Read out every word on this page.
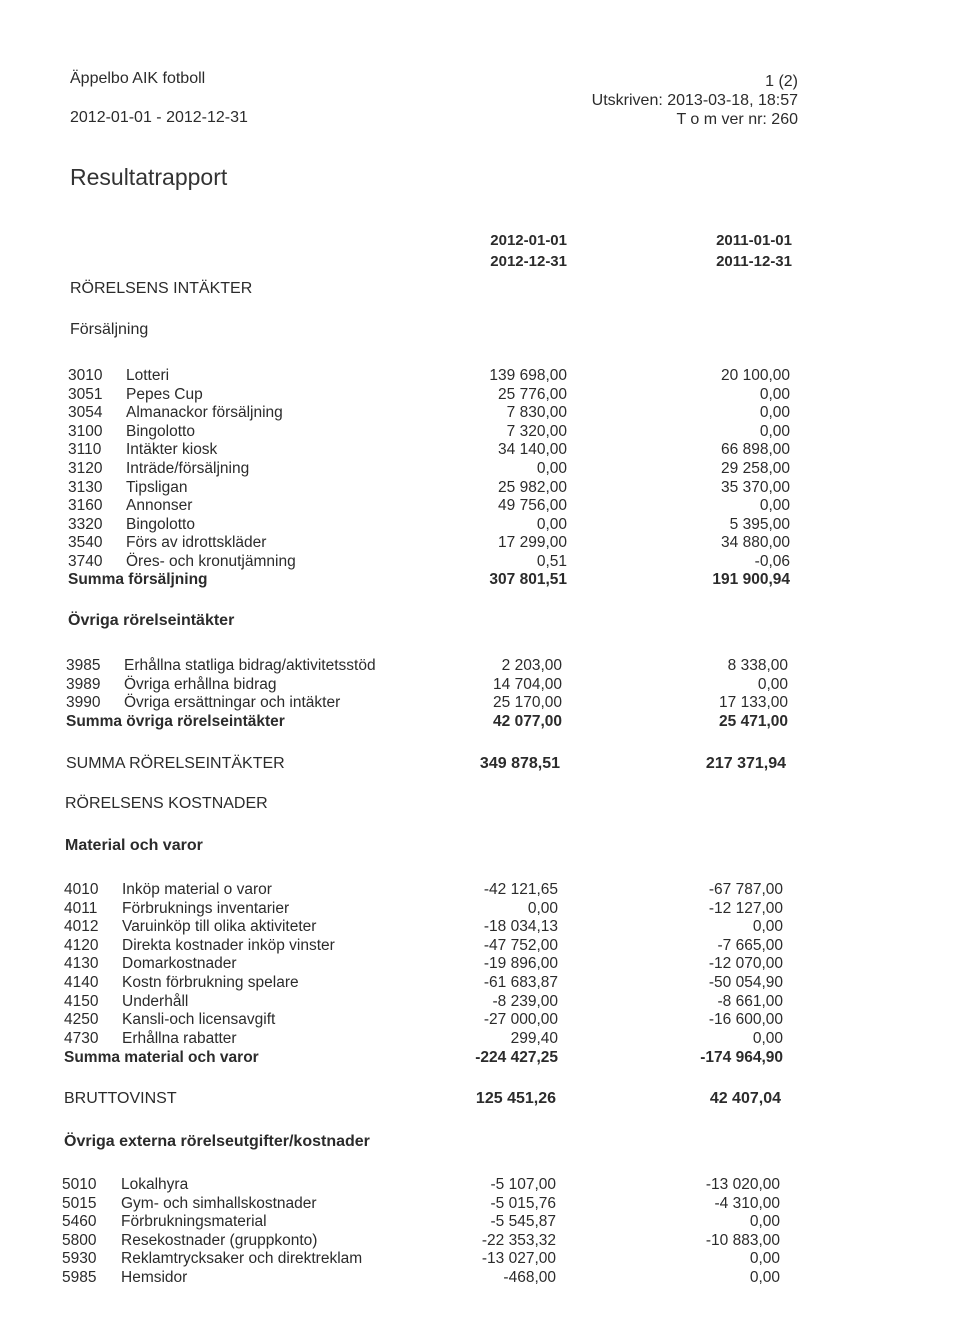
Äppelbo AIK fotboll
2012-01-01 - 2012-12-31
1 (2)
Utskriven: 2013-03-18, 18:57
T o m ver nr: 260
Resultatrapport
2012-01-01
2012-12-31
2011-01-01
2011-12-31
RÖRELSENS INTÄKTER
Försäljning
3010 Lotteri	139 698,00	20 100,00
3051 Pepes Cup	25 776,00	0,00
3054 Almanackor försäljning	7 830,00	0,00
3100 Bingolotto	7 320,00	0,00
3110 Intäkter kiosk	34 140,00	66 898,00
3120 Inträde/försäljning	0,00	29 258,00
3130 Tipsligan	25 982,00	35 370,00
3160 Annonser	49 756,00	0,00
3320 Bingolotto	0,00	5 395,00
3540 Förs av idrottskläder	17 299,00	34 880,00
3740 Öres- och kronutjämning	0,51	-0,06
Summa försäljning	307 801,51	191 900,94
3985 Erhållna statliga bidrag/aktivitetsstöd	2 203,00	8 338,00
3989 Övriga erhållna bidrag	14 704,00	0,00
3990 Övriga ersättningar och intäkter	25 170,00	17 133,00
Summa övriga rörelseintäkter	42 077,00	25 471,00
4010 Inköp material o varor	-42 121,65	-67 787,00
4011 Förbruknings inventarier	0,00	-12 127,00
4012 Varuinköp till olika aktiviteter	-18 034,13	0,00
4120 Direkta kostnader inköp vinster	-47 752,00	-7 665,00
4130 Domarkostnader	-19 896,00	-12 070,00
4140 Kostn förbrukning spelare	-61 683,87	-50 054,90
4150 Underhåll	-8 239,00	-8 661,00
4250 Kansli-och licensavgift	-27 000,00	-16 600,00
4730 Erhållna rabatter	299,40	0,00
Summa material och varor	-224 427,25	-174 964,90
5010 Lokalhyra	-5 107,00	-13 020,00
5015 Gym- och simhallskostnader	-5 015,76	-4 310,00
5460 Förbrukningsmaterial	-5 545,87	0,00
5800 Resekostnader (gruppkonto)	-22 353,32	-10 883,00
5930 Reklamtrycksaker och direktreklam	-13 027,00	0,00
5985 Hemsidor	-468,00	0,00
Övriga rörelseintäkter
SUMMA RÖRELSEINTÄKTER	349 878,51	217 371,94
RÖRELSENS KOSTNADER
Material och varor
BRUTTOVINST	125 451,26	42 407,04
Övriga externa rörelseutgifter/kostnader
